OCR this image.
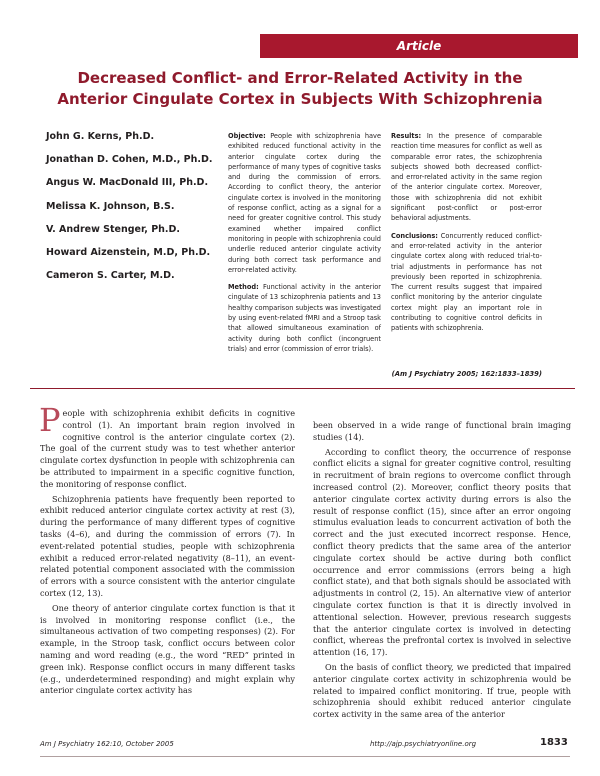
Article
Decreased Conflict- and Error-Related Activity in the
Anterior Cingulate Cortex in Subjects With Schizophrenia
John G. Kerns, Ph.D.
Jonathan D. Cohen, M.D., Ph.D.
Angus W. MacDonald III, Ph.D.
Melissa K. Johnson, B.S.
V. Andrew Stenger, Ph.D.
Howard Aizenstein, M.D, Ph.D.
Cameron S. Carter, M.D.

Objective: People with schizophrenia have exhibited reduced functional activity in the anterior cingulate cortex during the performance of many types of cognitive tasks and during the commission of errors. According to conflict theory, the anterior cingulate cortex is involved in the monitoring of response conflict, acting as a signal for a need for greater cognitive control. This study examined whether impaired conflict monitoring in people with schizophrenia could underlie reduced anterior cingulate activity during both correct task performance and error-related activity.

Method: Functional activity in the anterior cingulate of 13 schizophrenia patients and 13 healthy comparison subjects was investigated by using event-related fMRI and a Stroop task that allowed simultaneous examination of activity during both conflict (incongruent trials) and error (commission of error trials).

Results: In the presence of comparable reaction time measures for conflict as well as comparable error rates, the schizophrenia subjects showed both decreased conflict- and error-related activity in the same region of the anterior cingulate cortex. Moreover, those with schizophrenia did not exhibit significant post-conflict or post-error behavioral adjustments.

Conclusions: Concurrently reduced conflict- and error-related activity in the anterior cingulate cortex along with reduced trial-to-trial adjustments in performance has not previously been reported in schizophrenia. The current results suggest that impaired conflict monitoring by the anterior cingulate cortex might play an important role in contributing to cognitive control deficits in patients with schizophrenia.

(Am J Psychiatry 2005; 162:1833–1839)

People with schizophrenia exhibit deficits in cognitive control (1). An important brain region involved in cognitive control is the anterior cingulate cortex (2). The goal of the current study was to test whether anterior cingulate cortex dysfunction in people with schizophrenia can be attributed to impairment in a specific cognitive function, the monitoring of response conflict.

Schizophrenia patients have frequently been reported to exhibit reduced anterior cingulate cortex activity at rest (3), during the performance of many different types of cognitive tasks (4–6), and during the commission of errors (7). In event-related potential studies, people with schizophrenia exhibit a reduced error-related negativity (8–11), an event-related potential component associated with the commission of errors with a source consistent with the anterior cingulate cortex (12, 13).

One theory of anterior cingulate cortex function is that it is involved in monitoring response conflict (i.e., the simultaneous activation of two competing responses) (2). For example, in the Stroop task, conflict occurs between color naming and word reading (e.g., the word “RED” printed in green ink). Response conflict occurs in many different tasks (e.g., underdetermined responding) and might explain why anterior cingulate cortex activity has

been observed in a wide range of functional brain imaging studies (14).

According to conflict theory, the occurrence of response conflict elicits a signal for greater cognitive control, resulting in recruitment of brain regions to overcome conflict through increased control (2). Moreover, conflict theory posits that anterior cingulate cortex activity during errors is also the result of response conflict (15), since after an error ongoing stimulus evaluation leads to concurrent activation of both the correct and the just executed incorrect response. Hence, conflict theory predicts that the same area of the anterior cingulate cortex should be active during both conflict occurrence and error commissions (errors being a high conflict state), and that both signals should be associated with adjustments in control (2, 15). An alternative view of anterior cingulate cortex function is that it is directly involved in attentional selection. However, previous research suggests that the anterior cingulate cortex is involved in detecting conflict, whereas the prefrontal cortex is involved in selective attention (16, 17).

On the basis of conflict theory, we predicted that impaired anterior cingulate cortex activity in schizophrenia would be related to impaired conflict monitoring. If true, people with schizophrenia should exhibit reduced anterior cingulate cortex activity in the same area of the anterior

Am J Psychiatry 162:10, October 2005	http://ajp.psychiatryonline.org	1833
